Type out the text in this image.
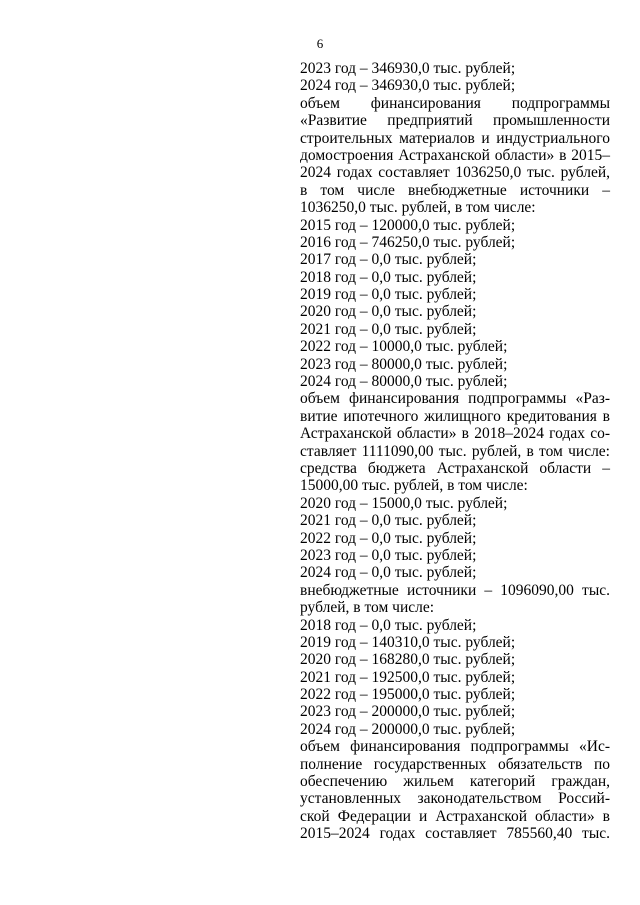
6
2023 год – 346930,0 тыс. рублей;
2024 год – 346930,0 тыс. рублей;
объем финансирования подпрограммы
«Развитие предприятий промышленности
строительных материалов и индустриального
домостроения Астраханской области» в 2015–
2024 годах составляет 1036250,0 тыс. рублей,
в том числе внебюджетные источники –
1036250,0 тыс. рублей, в том числе:
2015 год – 120000,0 тыс. рублей;
2016 год – 746250,0 тыс. рублей;
2017 год – 0,0 тыс. рублей;
2018 год – 0,0 тыс. рублей;
2019 год – 0,0 тыс. рублей;
2020 год – 0,0 тыс. рублей;
2021 год – 0,0 тыс. рублей;
2022 год – 10000,0 тыс. рублей;
2023 год – 80000,0 тыс. рублей;
2024 год – 80000,0 тыс. рублей;
объем финансирования подпрограммы «Раз-
витие ипотечного жилищного кредитования в
Астраханской области» в 2018–2024 годах со-
ставляет 1111090,00 тыс. рублей, в том числе:
средства бюджета Астраханской области –
15000,00 тыс. рублей, в том числе:
2020 год – 15000,0 тыс. рублей;
2021 год – 0,0 тыс. рублей;
2022 год – 0,0 тыс. рублей;
2023 год – 0,0 тыс. рублей;
2024 год – 0,0 тыс. рублей;
внебюджетные источники – 1096090,00 тыс.
рублей, в том числе:
2018 год – 0,0 тыс. рублей;
2019 год – 140310,0 тыс. рублей;
2020 год – 168280,0 тыс. рублей;
2021 год – 192500,0 тыс. рублей;
2022 год – 195000,0 тыс. рублей;
2023 год – 200000,0 тыс. рублей;
2024 год – 200000,0 тыс. рублей;
объем финансирования подпрограммы «Ис-
полнение государственных обязательств по
обеспечению жильем категорий граждан,
установленных законодательством Россий-
ской Федерации и Астраханской области» в
2015–2024 годах составляет 785560,40 тыс.
